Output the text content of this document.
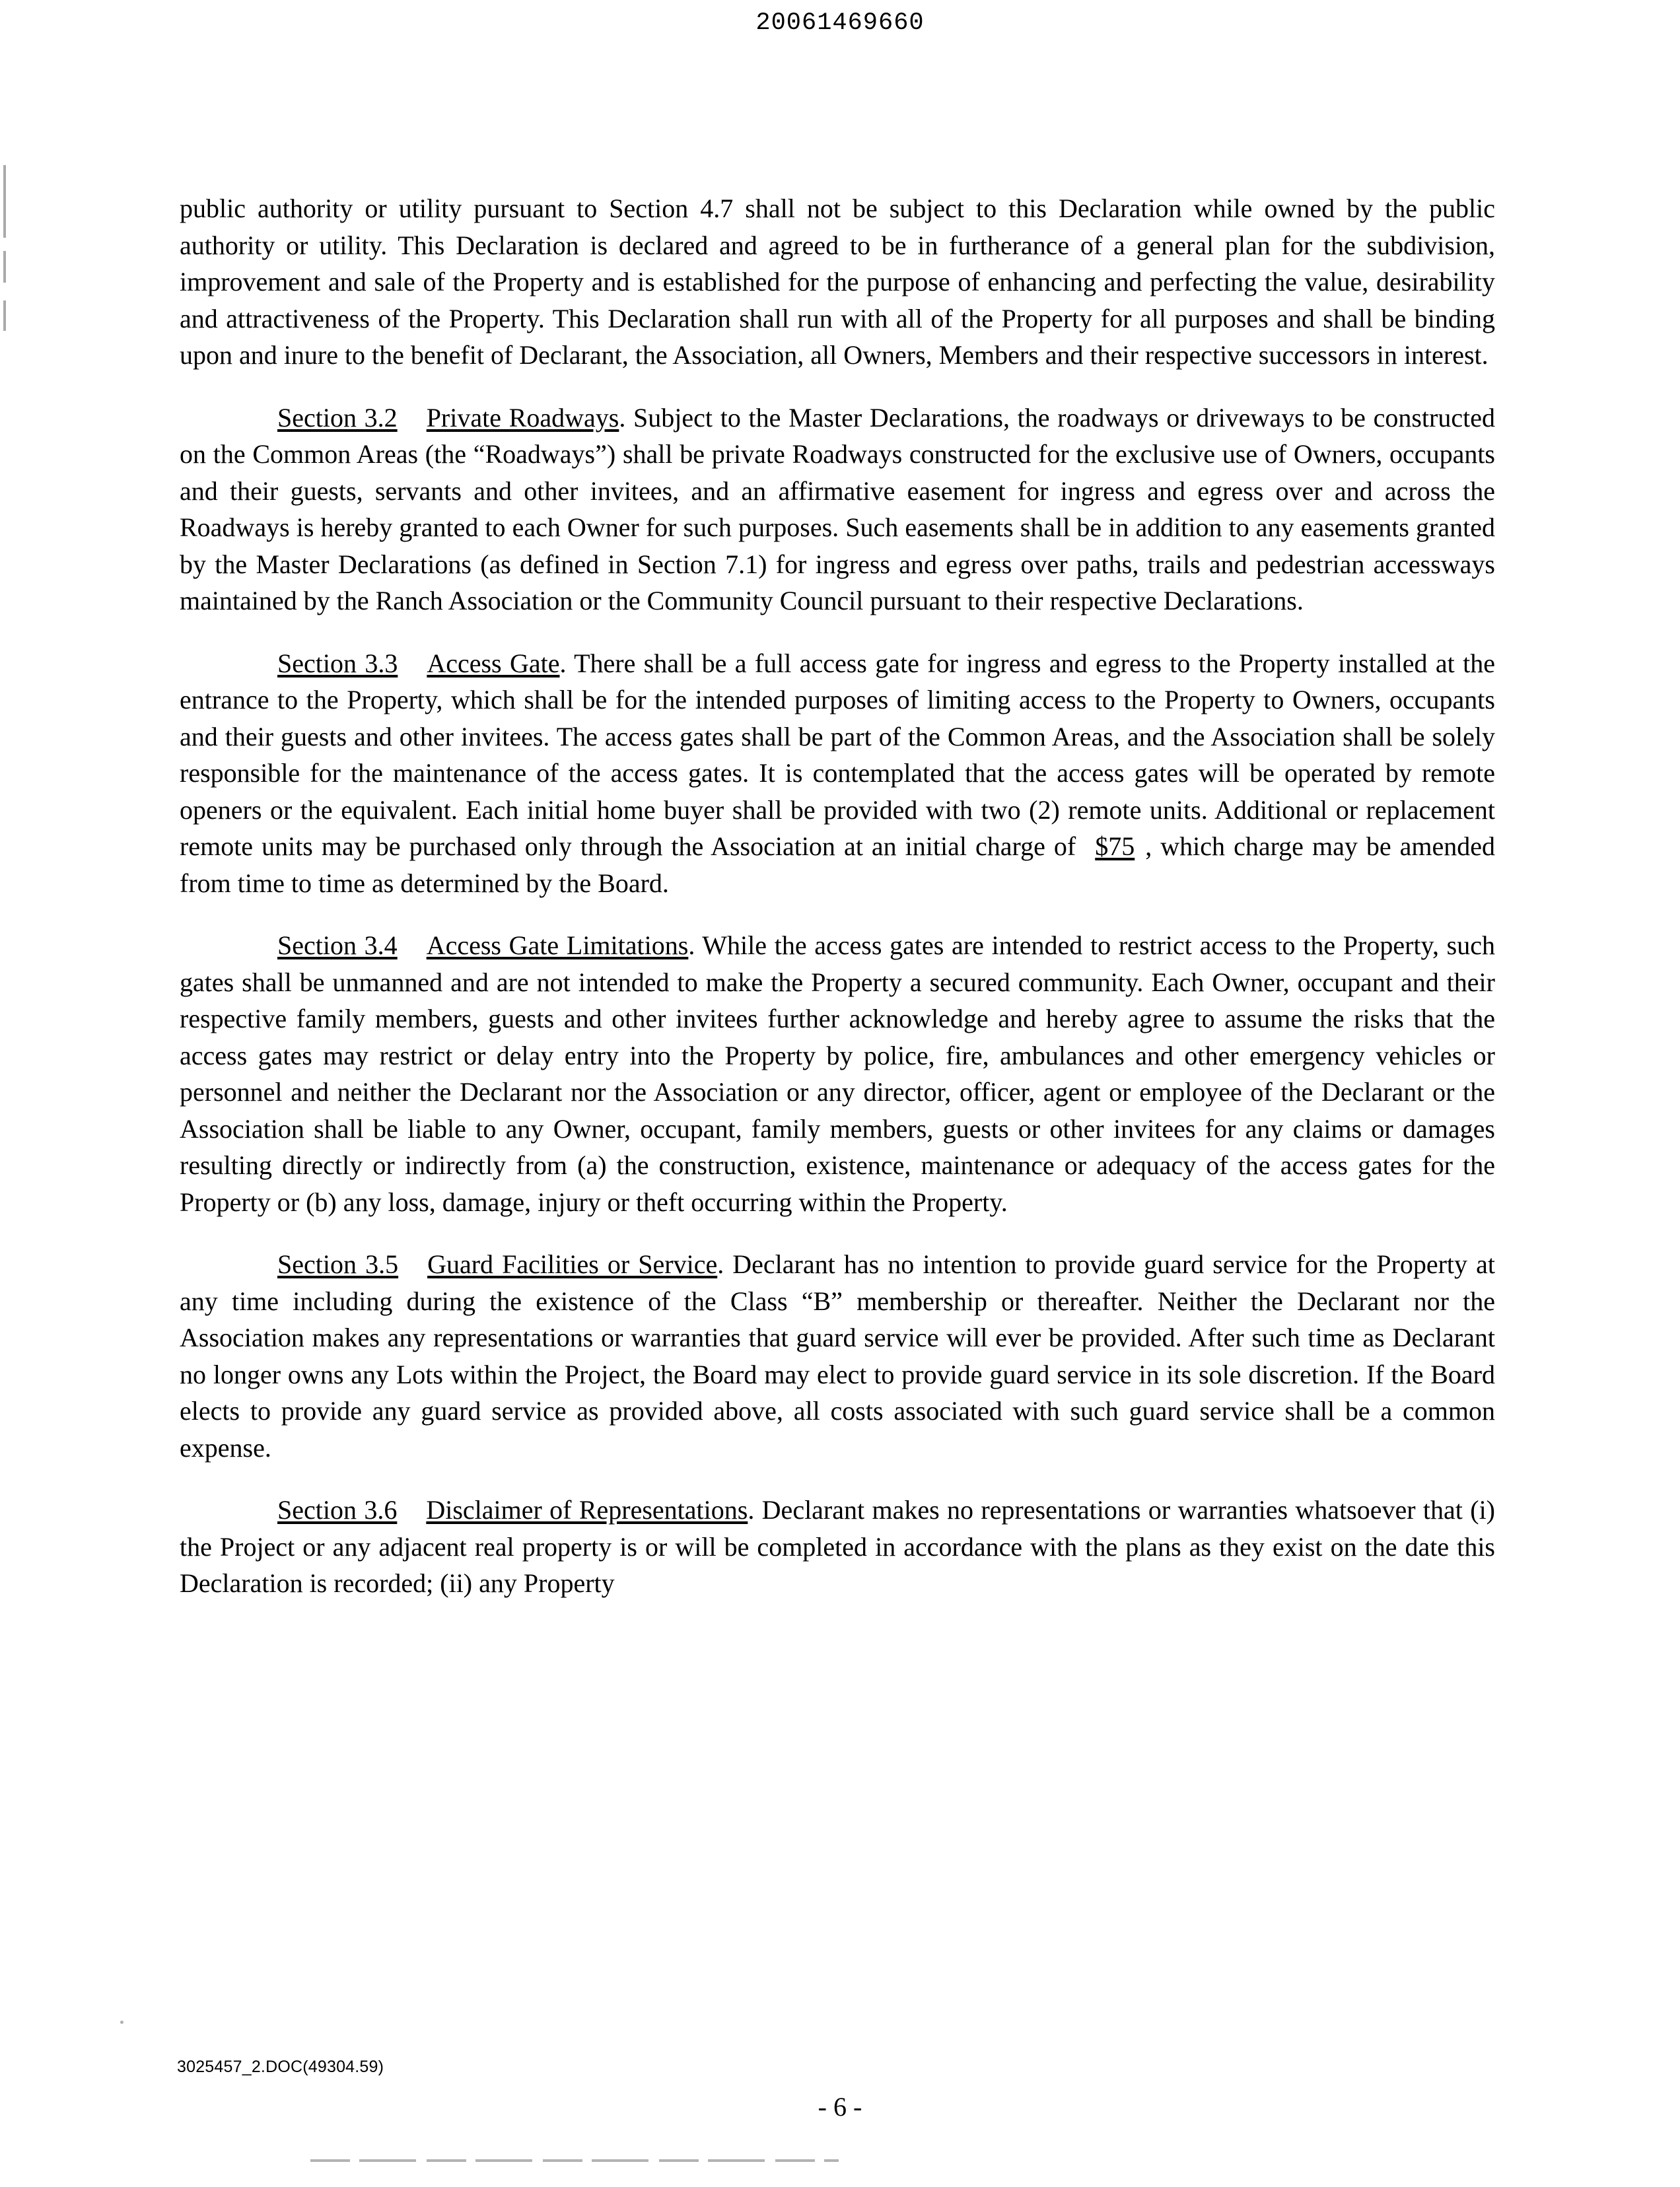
20061469660

public authority or utility pursuant to Section 4.7 shall not be subject to this Declaration while owned by the public authority or utility. This Declaration is declared and agreed to be in furtherance of a general plan for the subdivision, improvement and sale of the Property and is established for the purpose of enhancing and perfecting the value, desirability and attractiveness of the Property. This Declaration shall run with all of the Property for all purposes and shall be binding upon and inure to the benefit of Declarant, the Association, all Owners, Members and their respective successors in interest.

Section 3.2 Private Roadways. Subject to the Master Declarations, the roadways or driveways to be constructed on the Common Areas (the “Roadways”) shall be private Roadways constructed for the exclusive use of Owners, occupants and their guests, servants and other invitees, and an affirmative easement for ingress and egress over and across the Roadways is hereby granted to each Owner for such purposes. Such easements shall be in addition to any easements granted by the Master Declarations (as defined in Section 7.1) for ingress and egress over paths, trails and pedestrian accessways maintained by the Ranch Association or the Community Council pursuant to their respective Declarations.

Section 3.3 Access Gate. There shall be a full access gate for ingress and egress to the Property installed at the entrance to the Property, which shall be for the intended purposes of limiting access to the Property to Owners, occupants and their guests and other invitees. The access gates shall be part of the Common Areas, and the Association shall be solely responsible for the maintenance of the access gates. It is contemplated that the access gates will be operated by remote openers or the equivalent. Each initial home buyer shall be provided with two (2) remote units. Additional or replacement remote units may be purchased only through the Association at an initial charge of $75 , which charge may be amended from time to time as determined by the Board.

Section 3.4 Access Gate Limitations. While the access gates are intended to restrict access to the Property, such gates shall be unmanned and are not intended to make the Property a secured community. Each Owner, occupant and their respective family members, guests and other invitees further acknowledge and hereby agree to assume the risks that the access gates may restrict or delay entry into the Property by police, fire, ambulances and other emergency vehicles or personnel and neither the Declarant nor the Association or any director, officer, agent or employee of the Declarant or the Association shall be liable to any Owner, occupant, family members, guests or other invitees for any claims or damages resulting directly or indirectly from (a) the construction, existence, maintenance or adequacy of the access gates for the Property or (b) any loss, damage, injury or theft occurring within the Property.

Section 3.5 Guard Facilities or Service. Declarant has no intention to provide guard service for the Property at any time including during the existence of the Class “B” membership or thereafter. Neither the Declarant nor the Association makes any representations or warranties that guard service will ever be provided. After such time as Declarant no longer owns any Lots within the Project, the Board may elect to provide guard service in its sole discretion. If the Board elects to provide any guard service as provided above, all costs associated with such guard service shall be a common expense.

Section 3.6 Disclaimer of Representations. Declarant makes no representations or warranties whatsoever that (i) the Project or any adjacent real property is or will be completed in accordance with the plans as they exist on the date this Declaration is recorded; (ii) any Property

3025457_2.DOC(49304.59)
- 6 -
